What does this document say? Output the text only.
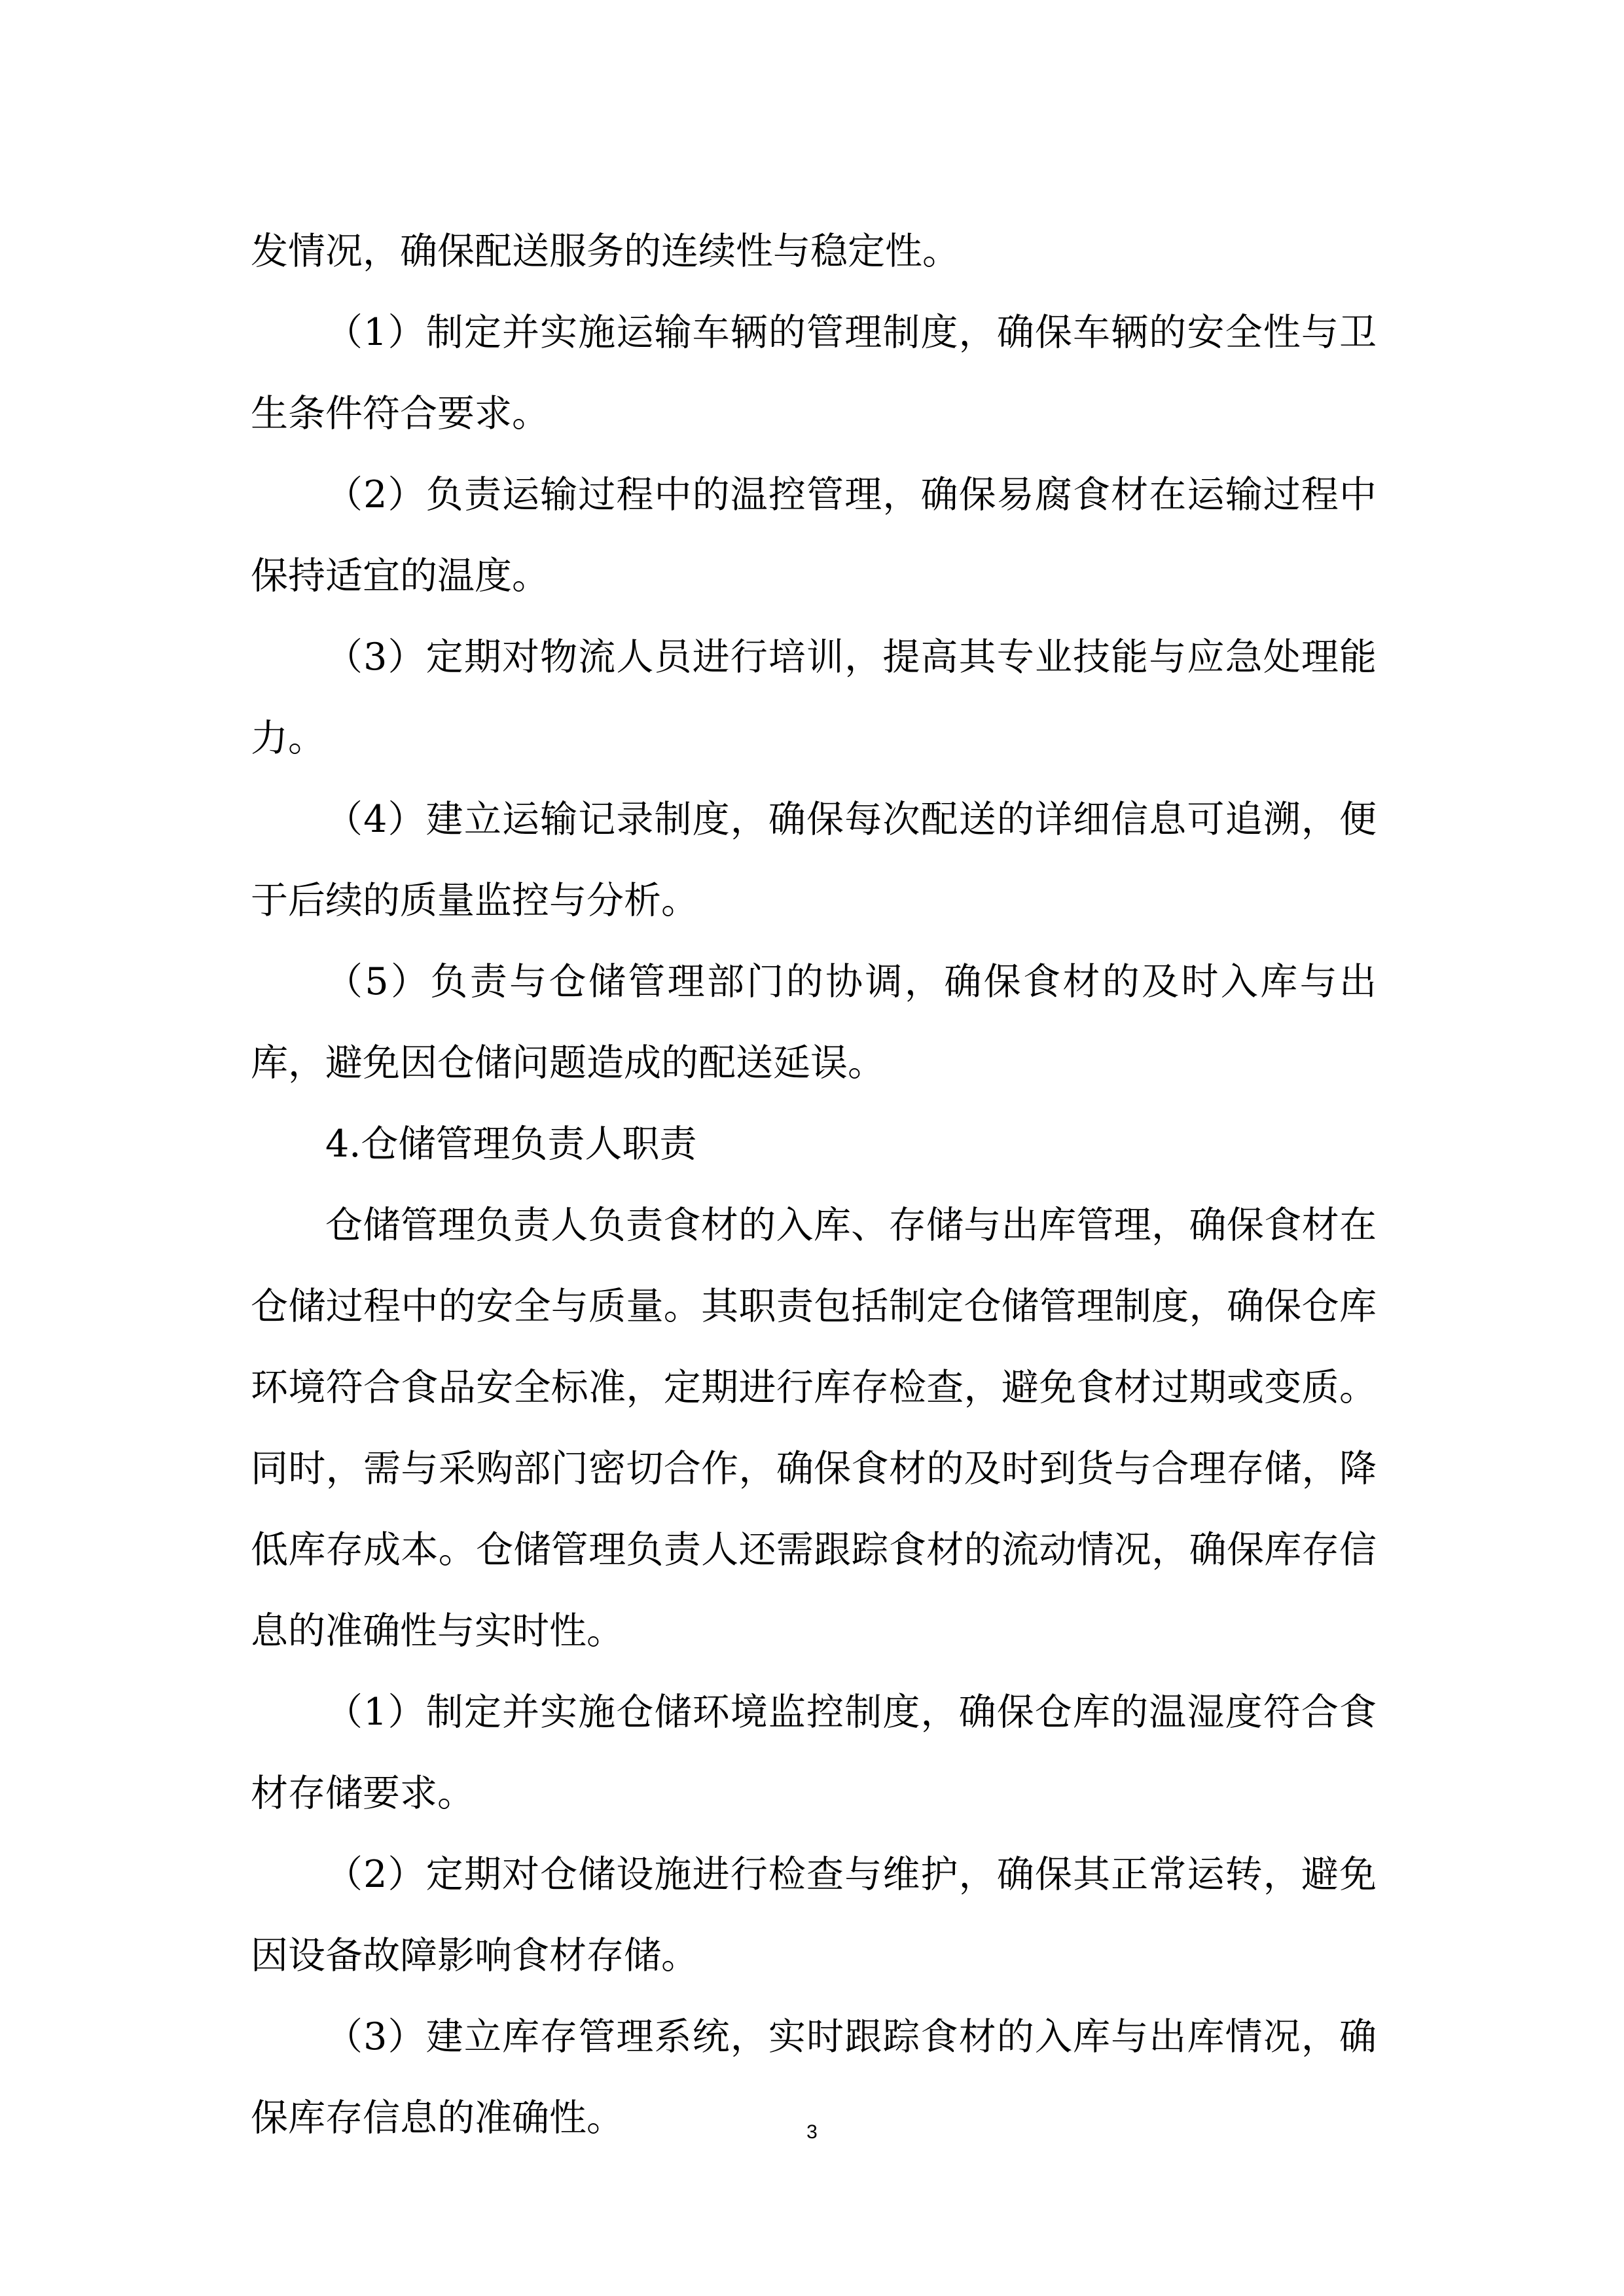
发情况，确保配送服务的连续性与稳定性。

（1）制定并实施运输车辆的管理制度，确保车辆的安全性与卫生条件符合要求。

（2）负责运输过程中的温控管理，确保易腐食材在运输过程中保持适宜的温度。

（3）定期对物流人员进行培训，提高其专业技能与应急处理能力。

（4）建立运输记录制度，确保每次配送的详细信息可追溯，便于后续的质量监控与分析。

（5）负责与仓储管理部门的协调，确保食材的及时入库与出库，避免因仓储问题造成的配送延误。

4.仓储管理负责人职责

仓储管理负责人负责食材的入库、存储与出库管理，确保食材在仓储过程中的安全与质量。其职责包括制定仓储管理制度，确保仓库环境符合食品安全标准，定期进行库存检查，避免食材过期或变质。同时，需与采购部门密切合作，确保食材的及时到货与合理存储，降低库存成本。仓储管理负责人还需跟踪食材的流动情况，确保库存信息的准确性与实时性。

（1）制定并实施仓储环境监控制度，确保仓库的温湿度符合食材存储要求。

（2）定期对仓储设施进行检查与维护，确保其正常运转，避免因设备故障影响食材存储。

（3）建立库存管理系统，实时跟踪食材的入库与出库情况，确保库存信息的准确性。	3
